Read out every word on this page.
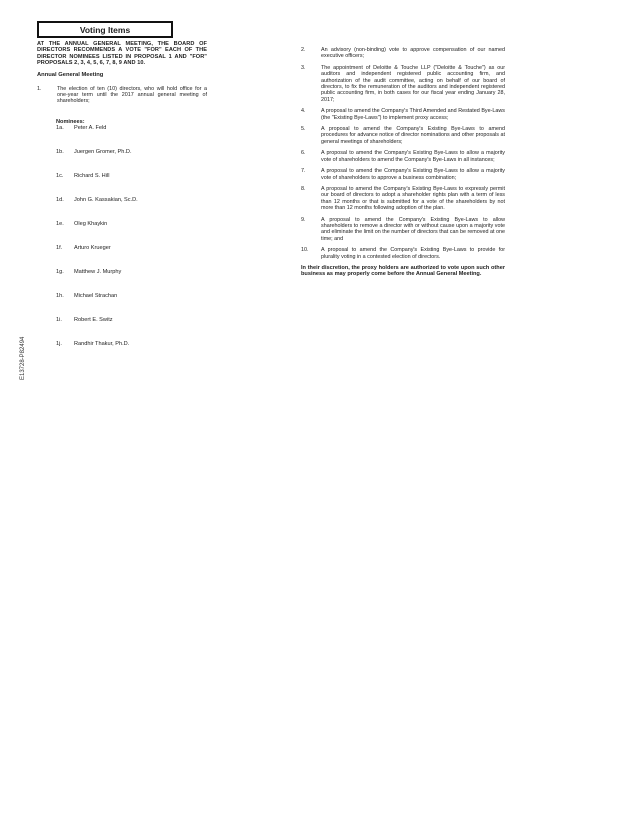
Voting Items
AT THE ANNUAL GENERAL MEETING, THE BOARD OF DIRECTORS RECOMMENDS A VOTE "FOR" EACH OF THE DIRECTOR NOMINEES LISTED IN PROPOSAL 1 AND "FOR" PROPOSALS 2, 3, 4, 5, 6, 7, 8, 9 AND 10.
Annual General Meeting
1.	The election of ten (10) directors, who will hold office for a one-year term until the 2017 annual general meeting of shareholders;
Nominees:
1a.	Peter A. Feld
1b.	Juergen Gromer, Ph.D.
1c.	Richard S. Hill
1d.	John G. Kassakian, Sc.D.
1e.	Oleg Khaykin
1f.	Arturo Krueger
1g.	Matthew J. Murphy
1h.	Michael Strachan
1i.	Robert E. Switz
1j.	Randhir Thakur, Ph.D.
2.	An advisory (non-binding) vote to approve compensation of our named executive officers;
3.	The appointment of Deloitte & Touche LLP ("Deloitte & Touche") as our auditors and independent registered public accounting firm, and authorization of the audit committee, acting on behalf of our board of directors, to fix the remuneration of the auditors and independent registered public accounting firm, in both cases for our fiscal year ending January 28, 2017;
4.	A proposal to amend the Company's Third Amended and Restated Bye-Laws (the "Existing Bye-Laws") to implement proxy access;
5.	A proposal to amend the Company's Existing Bye-Laws to amend procedures for advance notice of director nominations and other proposals at general meetings of shareholders;
6.	A proposal to amend the Company's Existing Bye-Laws to allow a majority vote of shareholders to amend the Company's Bye-Laws in all instances;
7.	A proposal to amend the Company's Existing Bye-Laws to allow a majority vote of shareholders to approve a business combination;
8.	A proposal to amend the Company's Existing Bye-Laws to expressly permit our board of directors to adopt a shareholder rights plan with a term of less than 12 months or that is submitted for a vote of the shareholders by not more than 12 months following adoption of the plan.
9.	A proposal to amend the Company's Existing Bye-Laws to allow shareholders to remove a director with or without cause upon a majority vote and eliminate the limit on the number of directors that can be removed at one time; and
10.	A proposal to amend the Company's Existing Bye-Laws to provide for plurality voting in a contested election of directors.
In their discretion, the proxy holders are authorized to vote upon such other business as may properly come before the Annual General Meeting.
E13728-P82494
